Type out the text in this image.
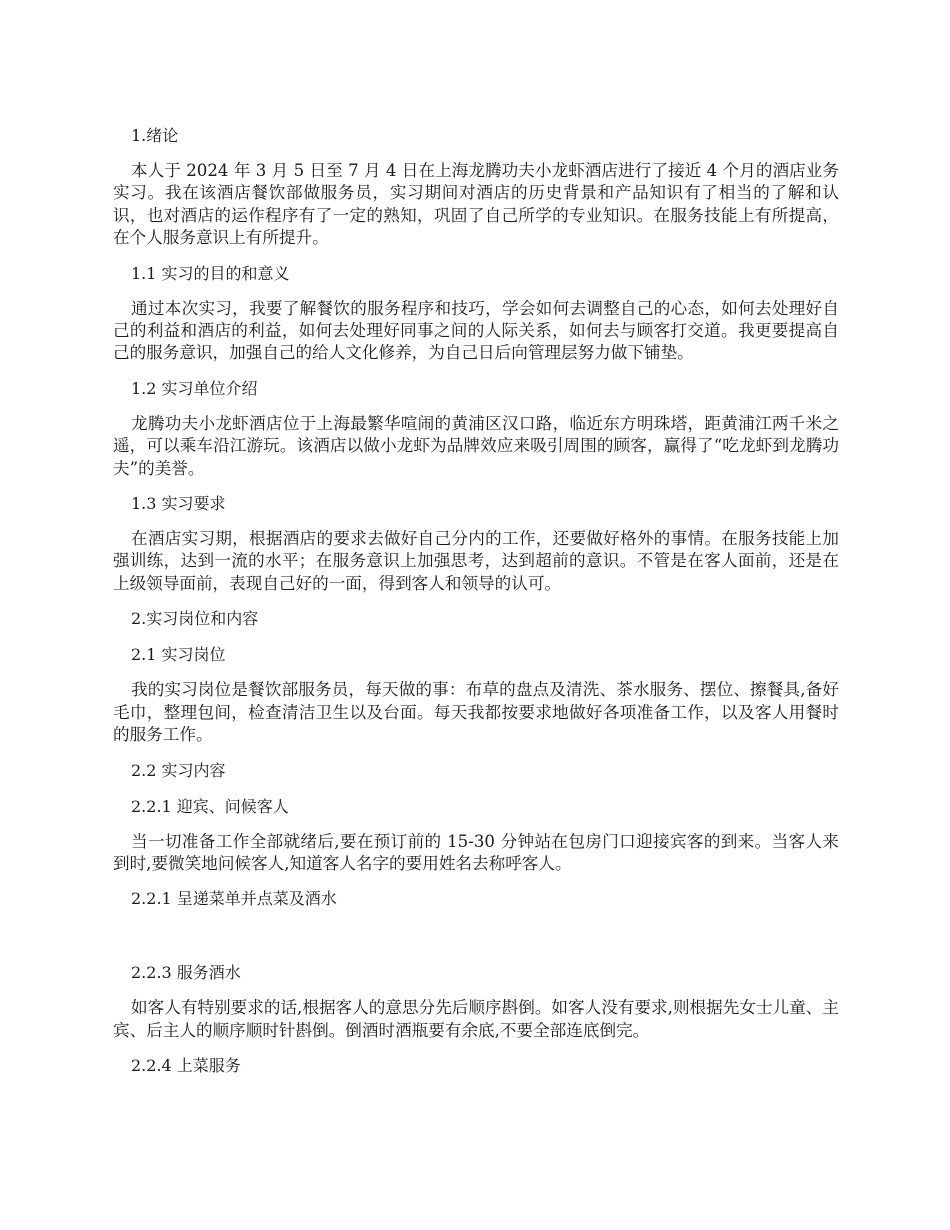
1.绪论

本人于 2024 年 3 月 5 日至 7 月 4 日在上海龙腾功夫小龙虾酒店进行了接近 4 个月的酒店业务实习。我在该酒店餐饮部做服务员，实习期间对酒店的历史背景和产品知识有了相当的了解和认识，也对酒店的运作程序有了一定的熟知，巩固了自己所学的专业知识。在服务技能上有所提高，在个人服务意识上有所提升。

1.1 实习的目的和意义

通过本次实习，我要了解餐饮的服务程序和技巧，学会如何去调整自己的心态，如何去处理好自己的利益和酒店的利益，如何去处理好同事之间的人际关系，如何去与顾客打交道。我更要提高自己的服务意识，加强自己的给人文化修养，为自己日后向管理层努力做下铺垫。

1.2 实习单位介绍

龙腾功夫小龙虾酒店位于上海最繁华喧闹的黄浦区汉口路，临近东方明珠塔，距黄浦江两千米之遥，可以乘车沿江游玩。该酒店以做小龙虾为品牌效应来吸引周围的顾客，赢得了“吃龙虾到龙腾功夫”的美誉。

1.3 实习要求

在酒店实习期，根据酒店的要求去做好自己分内的工作，还要做好格外的事情。在服务技能上加强训练，达到一流的水平；在服务意识上加强思考，达到超前的意识。不管是在客人面前，还是在上级领导面前，表现自己好的一面，得到客人和领导的认可。

2.实习岗位和内容
2.1 实习岗位

我的实习岗位是餐饮部服务员，每天做的事：布草的盘点及清洗、茶水服务、摆位、擦餐具,备好毛巾，整理包间，检查清洁卫生以及台面。每天我都按要求地做好各项准备工作，以及客人用餐时的服务工作。

2.2 实习内容
2.2.1 迎宾、问候客人

当一切准备工作全部就绪后,要在预订前的 15-30 分钟站在包房门口迎接宾客的到来。当客人来到时,要微笑地问候客人,知道客人名字的要用姓名去称呼客人。

2.2.1 呈递菜单并点菜及酒水
2.2.3 服务酒水

如客人有特别要求的话,根据客人的意思分先后顺序斟倒。如客人没有要求,则根据先女士儿童、主宾、后主人的顺序顺时针斟倒。倒酒时酒瓶要有余底,不要全部连底倒完。

2.2.4 上菜服务
